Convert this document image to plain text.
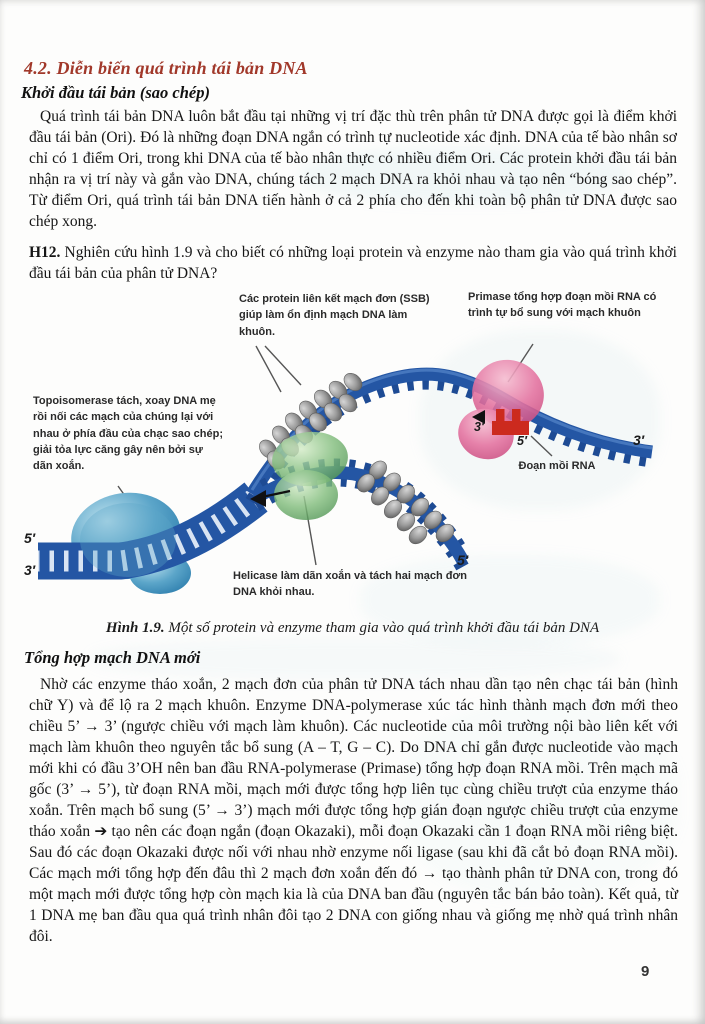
4.2. Diễn biến quá trình tái bản DNA
Khởi đầu tái bản (sao chép)
Quá trình tái bản DNA luôn bắt đầu tại những vị trí đặc thù trên phân tử DNA được gọi là điểm khởi đầu tái bản (Ori). Đó là những đoạn DNA ngắn có trình tự nucleotide xác định. DNA của tế bào nhân sơ chỉ có 1 điểm Ori, trong khi DNA của tế bào nhân thực có nhiều điểm Ori. Các protein khởi đầu tái bản nhận ra vị trí này và gắn vào DNA, chúng tách 2 mạch DNA ra khỏi nhau và tạo nên “bóng sao chép”. Từ điểm Ori, quá trình tái bản DNA tiến hành ở cả 2 phía cho đến khi toàn bộ phân tử DNA được sao chép xong.
H12. Nghiên cứu hình 1.9 và cho biết có những loại protein và enzyme nào tham gia vào quá trình khởi đầu tái bản của phân tử DNA?
Các protein liên kết mạch đơn (SSB) giúp làm ổn định mạch DNA làm khuôn.
Primase tổng hợp đoạn mồi RNA có trình tự bổ sung với mạch khuôn
Topoisomerase tách, xoay DNA mẹ rồi nối các mạch của chúng lại với nhau ở phía đầu của chạc sao chép; giải tỏa lực căng gây nên bởi sự dãn xoắn.
Helicase làm dãn xoắn và tách hai mạch đơn DNA khỏi nhau.
Đoạn mồi RNA
5′
3′
3′
5′
3′
5′
Hình 1.9. Một số protein và enzyme tham gia vào quá trình khởi đầu tái bản DNA
Tổng hợp mạch DNA mới
Nhờ các enzyme tháo xoắn, 2 mạch đơn của phân tử DNA tách nhau dần tạo nên chạc tái bản (hình chữ Y) và để lộ ra 2 mạch khuôn. Enzyme DNA-polymerase xúc tác hình thành mạch đơn mới theo chiều 5’ → 3’ (ngược chiều với mạch làm khuôn). Các nucleotide của môi trường nội bào liên kết với mạch làm khuôn theo nguyên tắc bổ sung (A – T, G – C). Do DNA chỉ gắn được nucleotide vào mạch mới khi có đầu 3’OH nên ban đầu RNA-polymerase (Primase) tổng hợp đoạn RNA mồi. Trên mạch mã gốc (3’ → 5’), từ đoạn RNA mồi, mạch mới được tổng hợp liên tục cùng chiều trượt của enzyme tháo xoắn. Trên mạch bổ sung (5’ → 3’) mạch mới được tổng hợp gián đoạn ngược chiều trượt của enzyme tháo xoắn ➔ tạo nên các đoạn ngắn (đoạn Okazaki), mỗi đoạn Okazaki cần 1 đoạn RNA mồi riêng biệt. Sau đó các đoạn Okazaki được nối với nhau nhờ enzyme nối ligase (sau khi đã cắt bỏ đoạn RNA mồi). Các mạch mới tổng hợp đến đâu thì 2 mạch đơn xoắn đến đó → tạo thành phân tử DNA con, trong đó một mạch mới được tổng hợp còn mạch kia là của DNA ban đầu (nguyên tắc bán bảo toàn). Kết quả, từ 1 DNA mẹ ban đầu qua quá trình nhân đôi tạo 2 DNA con giống nhau và giống mẹ nhờ quá trình nhân đôi.
9
